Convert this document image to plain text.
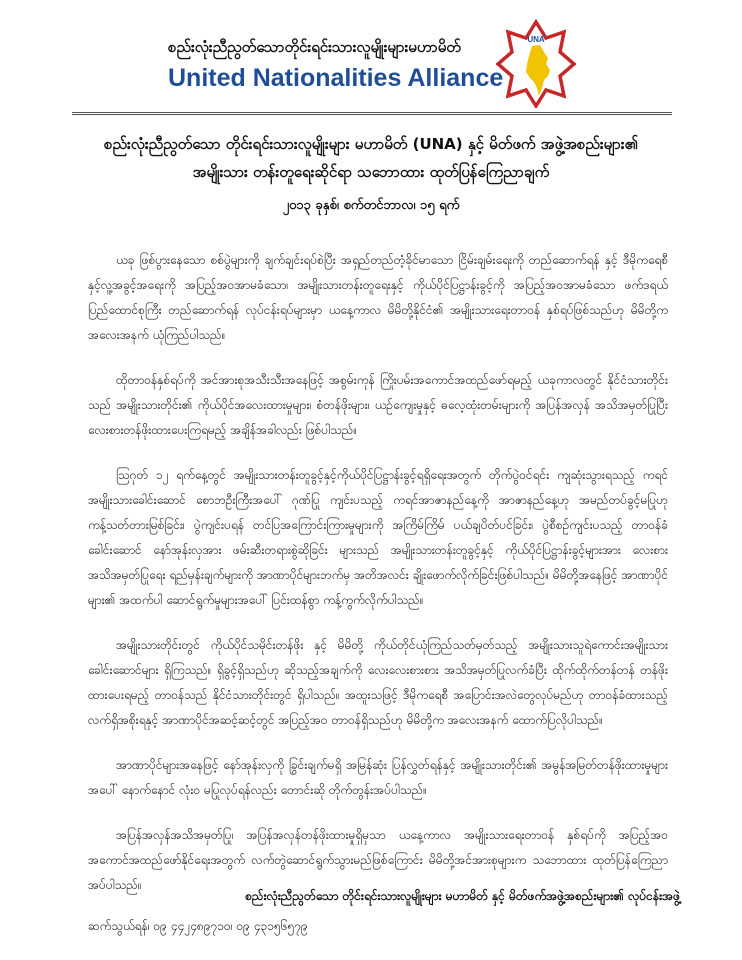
စည်းလုံးညီညွတ်သောတိုင်းရင်းသားလူမျိုးများမဟာမိတ်
United Nationalities Alliance
UNA
စည်းလုံးညီညွတ်သော တိုင်းရင်းသားလူမျိုးများ မဟာမိတ် (UNA) နှင့် မိတ်ဖက် အဖွဲ့အစည်းများ၏
အမျိုးသား တန်းတူရေးဆိုင်ရာ သဘောထား ထုတ်ပြန်ကြေညာချက်
၂၀၁၃ ခုနှစ်၊ စက်တင်ဘာလ၊ ၁၅ ရက်

ယခု ဖြစ်ပွားနေသော စစ်ပွဲများကို ချက်ချင်းရပ်စဲပြီး အရှည်တည်တံ့ခိုင်မာသော ငြိမ်းချမ်းရေးကို တည်ဆောက်ရန် နှင့် ဒီမိုကရေစီနှင့်လူ့အခွင့်အရေးကို အပြည့်အဝအာမခံသော၊ အမျိုးသားတန်းတူရေးနှင့် ကိုယ်ပိုင်ပြဋ္ဌာန်းခွင့်ကို အပြည့်အဝအာမခံသော ဖက်ဒရယ်ပြည်ထောင်စုကြီး တည်ဆောက်ရန် လုပ်ငန်းရပ်များမှာ ယနေ့ကာလ မိမိတို့နိုင်ငံ၏ အမျိုးသားရေးတာဝန် နှစ်ရပ်ဖြစ်သည်ဟု မိမိတို့က အလေးအနက် ယုံကြည်ပါသည်။

ထိုတာဝန်နှစ်ရပ်ကို အင်အားစုအသီးသီးအနေဖြင့် အစွမ်းကုန် ကြိုးပမ်းအကောင်အထည်ဖော်ရမည့် ယခုကာလတွင် နိုင်ငံသားတိုင်းသည် အမျိုးသားတိုင်း၏ ကိုယ်ပိုင်အလေးထားမှုများ၊ စံတန်ဖိုးများ၊ ယဉ်ကျေးမှုနှင့် ဓလေ့ထုံးတမ်းများကို အပြန်အလှန် အသိအမှတ်ပြုပြီး လေးစားတန်ဖိုးထားပေးကြရမည့် အချိန်အခါလည်း ဖြစ်ပါသည်။

ဩဂုတ် ၁၂ ရက်နေ့တွင် အမျိုးသားတန်းတူခွင့်နှင့်ကိုယ်ပိုင်ပြဋ္ဌာန်းခွင့်ရရှိရေးအတွက် တိုက်ပွဲဝင်ရင်း ကျဆုံးသွားရသည့် ကရင်အမျိုးသားခေါင်းဆောင် စောဘဦးကြီးအပေါ် ဂုဏ်ပြု ကျင်းပသည့် ကရင်အာဇာနည်နေ့ကို အာဇာနည်နေ့ဟု အမည်တပ်ခွင့်မပြုဟု ကန့်သတ်တားမြစ်ခြင်း၊ ပွဲကျင်းပရန် တင်ပြအကြောင်းကြားမှုများကို အကြိမ်ကြိမ် ပယ်ချပိတ်ပင်ခြင်း၊ ပွဲစီစဉ်ကျင်းပသည့် တာဝန်ခံခေါင်းဆောင် နော်အုန်းလှအား ဖမ်းဆီးတရားစွဲဆိုခြင်း များသည် အမျိုးသားတန်းတူခွင့်နှင့် ကိုယ်ပိုင်ပြဋ္ဌာန်းခွင့်များအား လေးစားအသိအမှတ်ပြုရေး ရည်မှန်းချက်များကို အာဏာပိုင်များဘက်မှ အတိအလင်း ချိုးဖောက်လိုက်ခြင်းဖြစ်ပါသည်။ မိမိတို့အနေဖြင့် အာဏာပိုင်များ၏ အထက်ပါ ဆောင်ရွက်မှုများအပေါ် ပြင်းထန်စွာ ကန့်ကွက်လိုက်ပါသည်။

အမျိုးသားတိုင်းတွင် ကိုယ်ပိုင်သမိုင်းတန်ဖိုး နှင့် မိမိတို့ ကိုယ်တိုင်ယုံကြည်သတ်မှတ်သည့် အမျိုးသားသူရဲကောင်းအမျိုးသား ခေါင်းဆောင်များ ရှိကြသည်။ ရှိခွင့်ရှိသည်ဟု ဆိုသည့်အချက်ကို လေးလေးစားစား အသိအမှတ်ပြုလက်ခံပြီး ထိုက်ထိုက်တန်တန် တန်ဖိုးထားပေးရမည့် တာဝန်သည် နိုင်ငံသားတိုင်းတွင် ရှိပါသည်။ အထူးသဖြင့် ဒီမိုကရေစီ အပြောင်းအလဲတွေလုပ်မည်ဟု တာဝန်ခံထားသည့် လက်ရှိအစိုးရနှင့် အာဏာပိုင်အဆင့်ဆင့်တွင် အပြည့်အဝ တာဝန်ရှိသည်ဟု မိမိတို့က အလေးအနက် ထောက်ပြလိုပါသည်။

အာဏာပိုင်များအနေဖြင့် နော်အုန်းလှကို ခြွင်းချက်မရှိ အမြန်ဆုံး ပြန်လွှတ်ရန်နှင့် အမျိုးသားတိုင်း၏ အမွန်အမြတ်တန်ဖိုးထားမှုများအပေါ် နောက်နောင် လုံးဝ မပြုလုပ်ရန်လည်း တောင်းဆို တိုက်တွန်းအပ်ပါသည်။

အပြန်အလှန်အသိအမှတ်ပြု၊ အပြန်အလှန်တန်ဖိုးထားမှုရှိမှသာ ယနေ့ကာလ အမျိုးသားရေးတာဝန် နှစ်ရပ်ကို အပြည့်အဝ အကောင်အထည်ဖော်နိုင်ရေးအတွက် လက်တွဲဆောင်ရွက်သွားမည်ဖြစ်ကြောင်း မိမိတို့အင်အားစုများက သဘောထား ထုတ်ပြန်ကြေညာအပ်ပါသည်။

စည်းလုံးညီညွတ်သော တိုင်းရင်းသားလူမျိုးများ မဟာမိတ် နှင့် မိတ်ဖက်အဖွဲ့အစည်းများ၏ လုပ်ငန်းအဖွဲ့
ဆက်သွယ်ရန်၊ ၀၉ ၄၄၂၄၈၉၇၁၀၊ ၀၉ ၄၃၁၅၆၅၇၉
